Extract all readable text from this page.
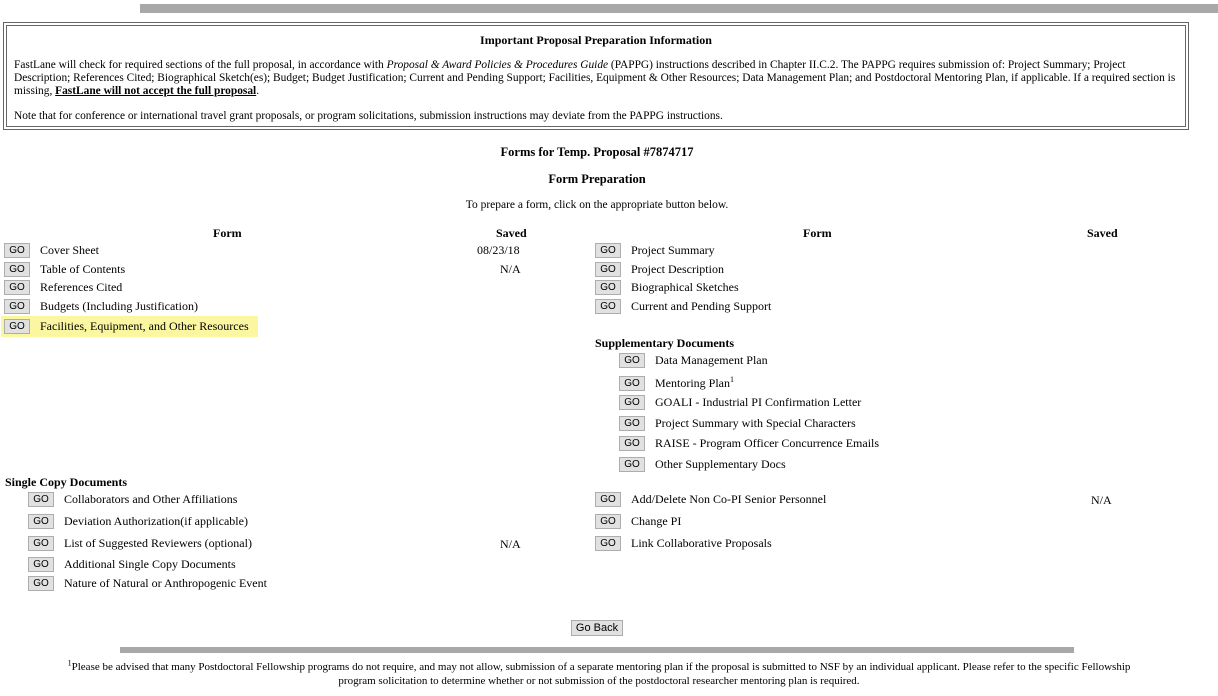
Important Proposal Preparation Information

FastLane will check for required sections of the full proposal, in accordance with Proposal & Award Policies & Procedures Guide (PAPPG) instructions described in Chapter II.C.2. The PAPPG requires submission of: Project Summary; Project Description; References Cited; Biographical Sketch(es); Budget; Budget Justification; Current and Pending Support; Facilities, Equipment & Other Resources; Data Management Plan; and Postdoctoral Mentoring Plan, if applicable. If a required section is missing, FastLane will not accept the full proposal.

Note that for conference or international travel grant proposals, or program solicitations, submission instructions may deviate from the PAPPG instructions.

Forms for Temp. Proposal #7874717
Form Preparation
To prepare a form, click on the appropriate button below.
Form	Saved	Form	Saved
GO	Cover Sheet	08/23/18
GO	Table of Contents	N/A
GO	References Cited
GO	Budgets (Including Justification)
GO	Facilities, Equipment, and Other Resources
GO	Project Summary
GO	Project Description
GO	Biographical Sketches
GO	Current and Pending Support
Supplementary Documents
GO	Data Management Plan
GO	Mentoring Plan$^1$
GO	GOALI - Industrial PI Confirmation Letter
GO	Project Summary with Special Characters
GO	RAISE - Program Officer Concurrence Emails
GO	Other Supplementary Docs
Single Copy Documents
GO	Collaborators and Other Affiliations
GO	Deviation Authorization(if applicable)
GO	List of Suggested Reviewers (optional)	N/A
GO	Additional Single Copy Documents
GO	Nature of Natural or Anthropogenic Event
GO	Add/Delete Non Co-PI Senior Personnel	N/A
GO	Change PI
GO	Link Collaborative Proposals
Go Back
$^1$Please be advised that many Postdoctoral Fellowship programs do not require, and may not allow, submission of a separate mentoring plan if the proposal is submitted to NSF by an individual applicant. Please refer to the specific Fellowship
program solicitation to determine whether or not submission of the postdoctoral researcher mentoring plan is required.
